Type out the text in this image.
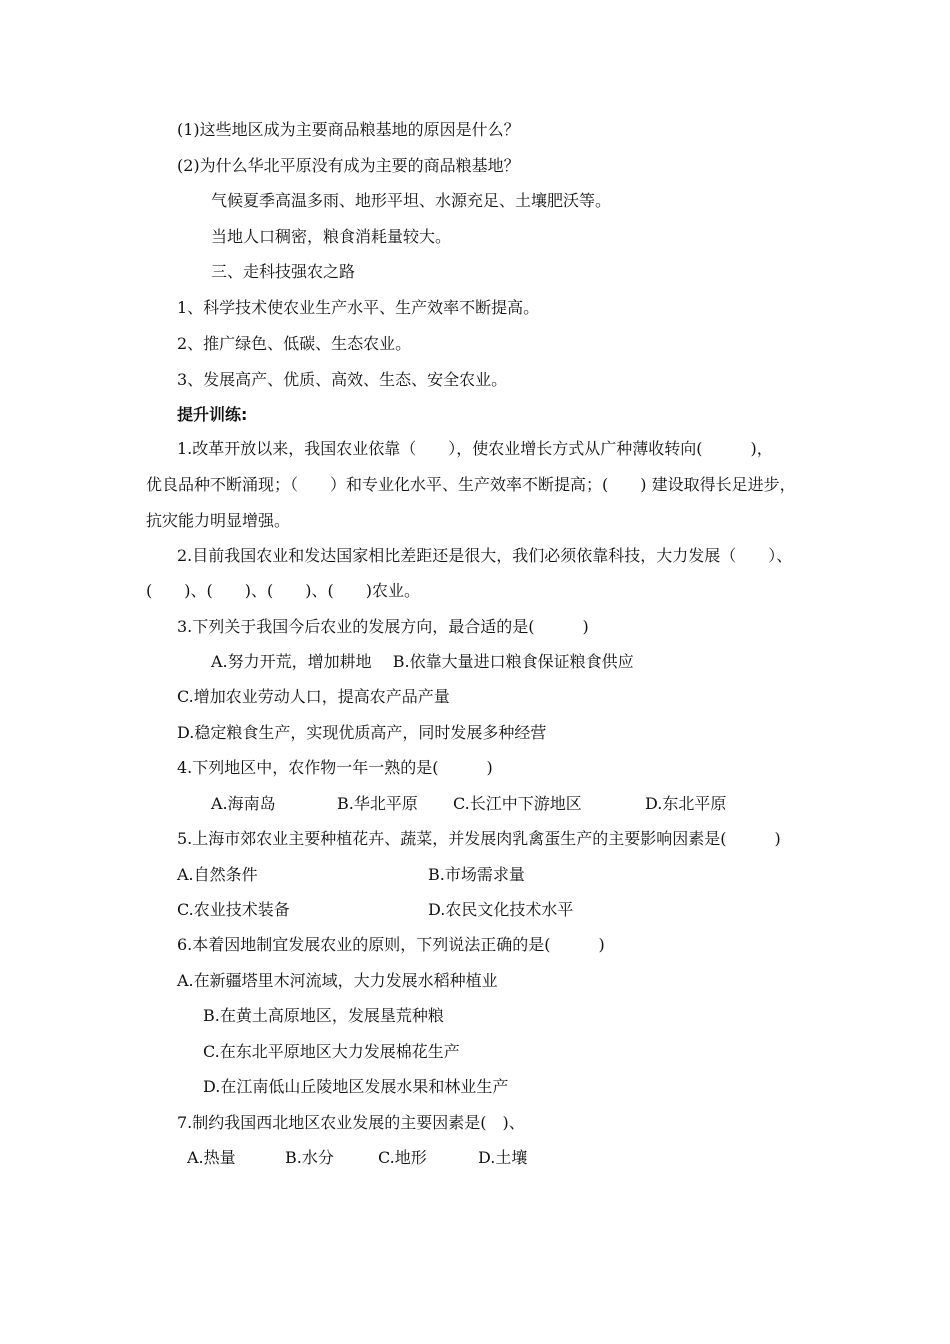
(1)这些地区成为主要商品粮基地的原因是什么？
(2)为什么华北平原没有成为主要的商品粮基地？
气候夏季高温多雨、地形平坦、水源充足、土壤肥沃等。
当地人口稠密，粮食消耗量较大。
三、走科技强农之路
1、科学技术使农业生产水平、生产效率不断提高。
2、推广绿色、低碳、生态农业。
3、发展高产、优质、高效、生态、安全农业。
提升训练:
1.改革开放以来，我国农业依靠（　　），使农业增长方式从广种薄收转向(　　　)，
优良品种不断涌现；（　　）和专业化水平、生产效率不断提高；(　　) 建设取得长足进步，
抗灾能力明显增强。
2.目前我国农业和发达国家相比差距还是很大，我们必须依靠科技，大力发展（　　）、
(　　)、(　　)、(　　)、(　　)农业。
3.下列关于我国今后农业的发展方向，最合适的是(　　　)
A.努力开荒，增加耕地　 B.依靠大量进口粮食保证粮食供应
C.增加农业劳动人口，提高农产品产量
D.稳定粮食生产，实现优质高产，同时发展多种经营
4.下列地区中，农作物一年一熟的是(　　　)
A.海南岛	B.华北平原 C.长江中下游地区	D.东北平原
5.上海市郊农业主要种植花卉、蔬菜，并发展肉乳禽蛋生产的主要影响因素是(　　　)
A.自然条件	B.市场需求量
C.农业技术装备	D.农民文化技术水平
6.本着因地制宜发展农业的原则，下列说法正确的是(　　　)
A.在新疆塔里木河流域，大力发展水稻种植业
B.在黄土高原地区，发展垦荒种粮
C.在东北平原地区大力发展棉花生产
D.在江南低山丘陵地区发展水果和林业生产
7.制约我国西北地区农业发展的主要因素是(　)、
A.热量	B.水分	C.地形	D.土壤
